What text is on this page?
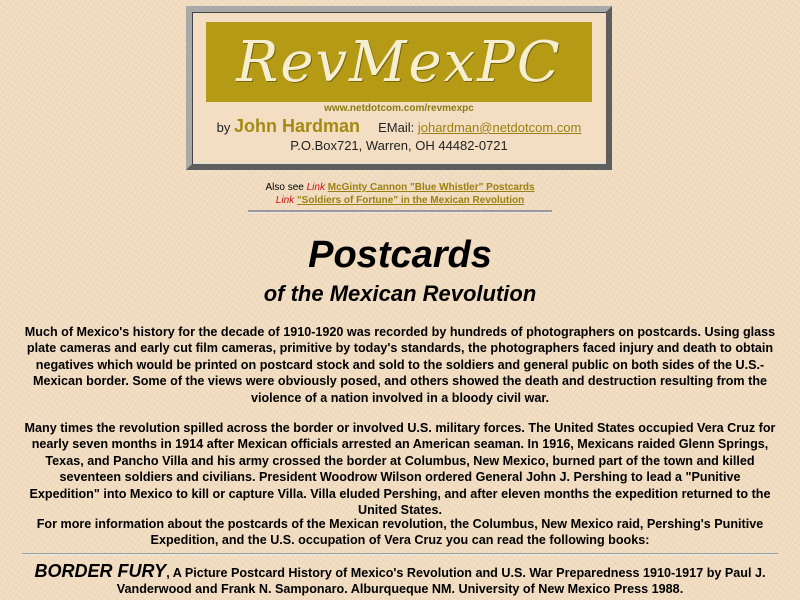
RevMexPC
www.netdotcom.com/revmexpc
by John Hardman EMail: johardman@netdotcom.com
P.O.Box721, Warren, OH 44482-0721
Also see Link McGinty Cannon "Blue Whistler" Postcards
Link "Soldiers of Fortune" in the Mexican Revolution
Postcards
of the Mexican Revolution

Much of Mexico's history for the decade of 1910-1920 was recorded by hundreds of photographers on postcards. Using glass plate cameras and early cut film cameras, primitive by today's standards, the photographers faced injury and death to obtain negatives which would be printed on postcard stock and sold to the soldiers and general public on both sides of the U.S.-Mexican border. Some of the views were obviously posed, and others showed the death and destruction resulting from the violence of a nation involved in a bloody civil war.

Many times the revolution spilled across the border or involved U.S. military forces. The United States occupied Vera Cruz for nearly seven months in 1914 after Mexican officials arrested an American seaman. In 1916, Mexicans raided Glenn Springs, Texas, and Pancho Villa and his army crossed the border at Columbus, New Mexico, burned part of the town and killed seventeen soldiers and civilians. President Woodrow Wilson ordered General John J. Pershing to lead a "Punitive Expedition" into Mexico to kill or capture Villa. Villa eluded Pershing, and after eleven months the expedition returned to the United States.

For more information about the postcards of the Mexican revolution, the Columbus, New Mexico raid, Pershing's Punitive Expedition, and the U.S. occupation of Vera Cruz you can read the following books:

BORDER FURY, A Picture Postcard History of Mexico's Revolution and U.S. War Preparedness 1910-1917 by Paul J. Vanderwood and Frank N. Samponaro. Alburqueque NM. University of New Mexico Press 1988.
